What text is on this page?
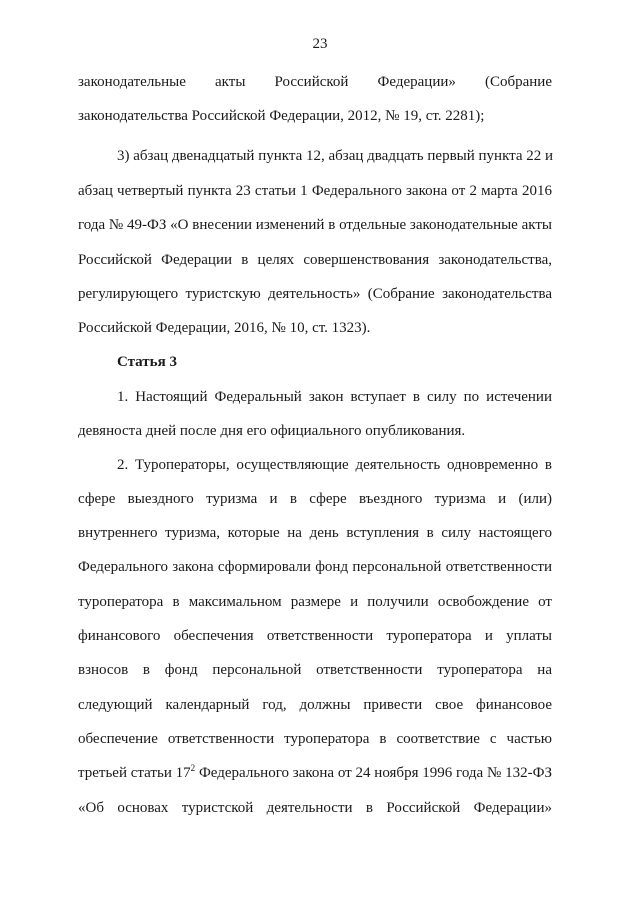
23
законодательные акты Российской Федерации» (Собрание
законодательства Российской Федерации, 2012, № 19, ст. 2281);
3) абзац двенадцатый пункта 12, абзац двадцать первый пункта 22 и
абзац четвертый пункта 23 статьи 1 Федерального закона от 2 марта 2016
года № 49-ФЗ «О внесении изменений в отдельные законодательные акты
Российской Федерации в целях совершенствования законодательства,
регулирующего туристскую деятельность» (Собрание законодательства
Российской Федерации, 2016, № 10, ст. 1323).
Статья 3
1. Настоящий Федеральный закон вступает в силу по истечении
девяноста дней после дня его официального опубликования.
2. Туроператоры, осуществляющие деятельность одновременно в
сфере выездного туризма и в сфере въездного туризма и (или)
внутреннего туризма, которые на день вступления в силу настоящего
Федерального закона сформировали фонд персональной ответственности
туроператора в максимальном размере и получили освобождение от
финансового обеспечения ответственности туроператора и уплаты
взносов в фонд персональной ответственности туроператора на
следующий календарный год, должны привести свое финансовое
обеспечение ответственности туроператора в соответствие с частью
третьей статьи $17^2$ Федерального закона от 24 ноября 1996 года № 132-ФЗ
«Об основах туристской деятельности в Российской Федерации»
